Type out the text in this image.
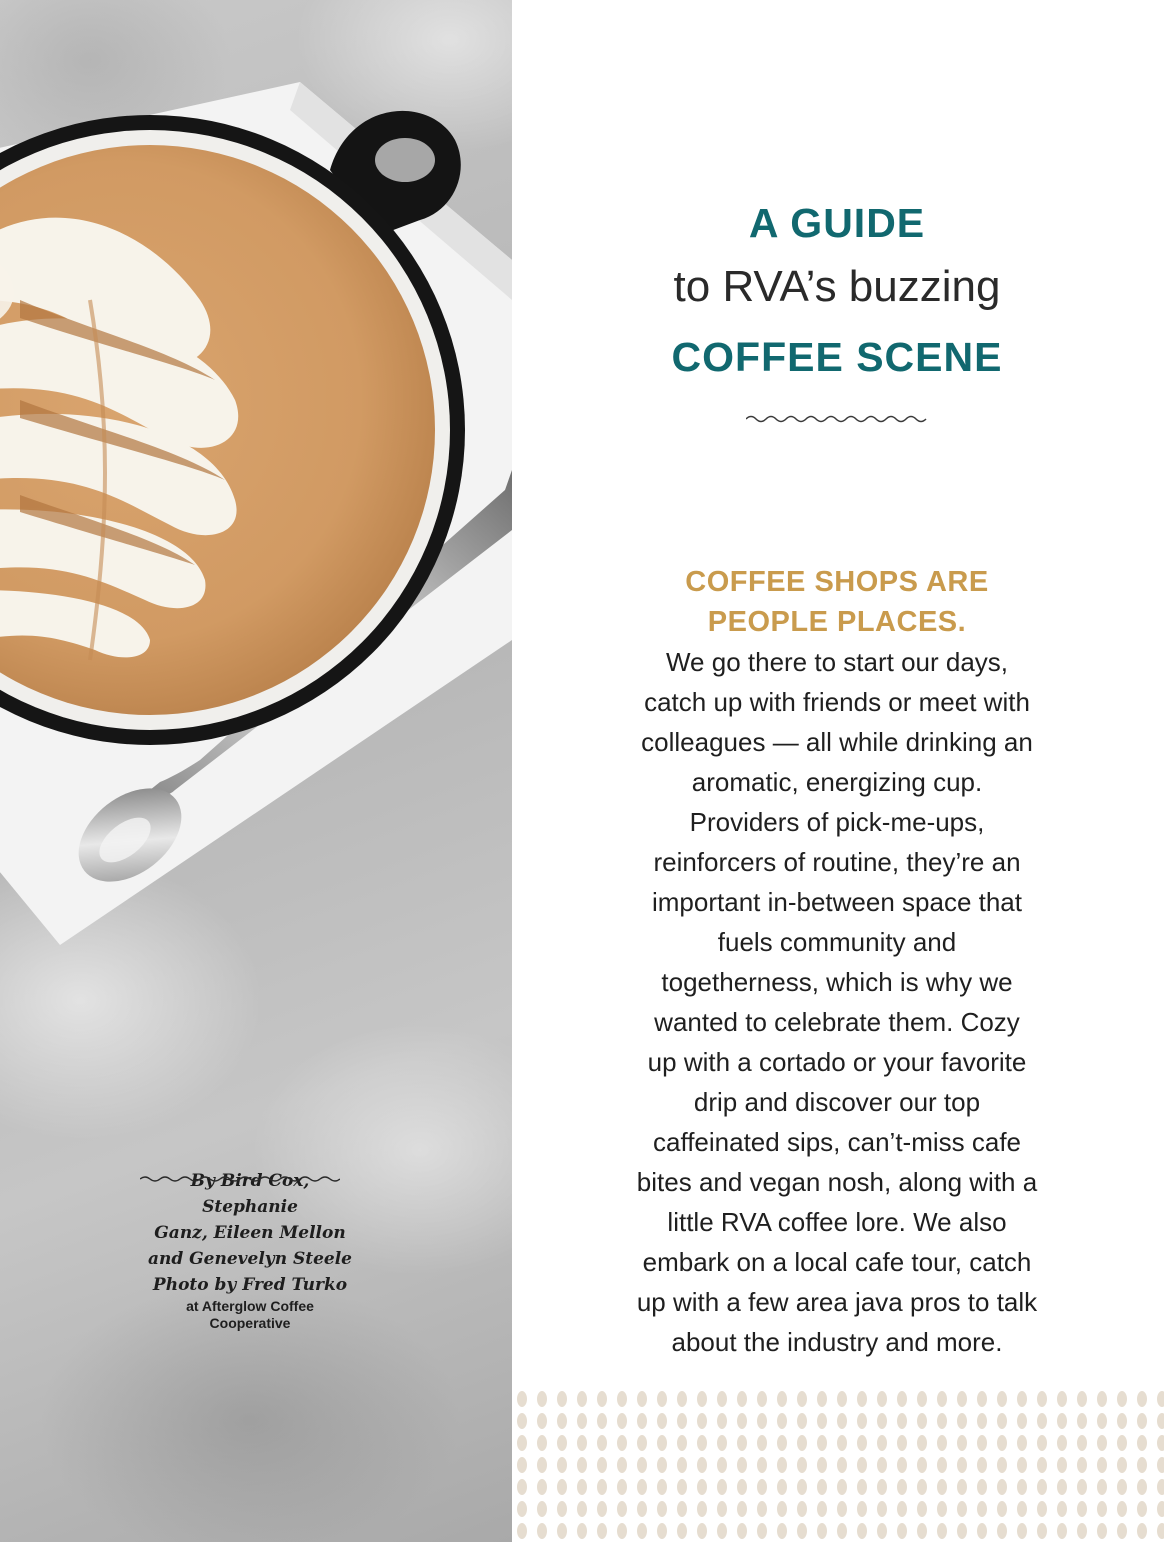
By Bird Cox, Stephanie
Ganz, Eileen Mellon
and Genevelyn Steele
Photo by Fred Turko
at Afterglow Coffee
Cooperative
A GUIDE
to RVA’s buzzing
COFFEE SCENE
COFFEE SHOPS ARE
PEOPLE PLACES.
We go there to start our days,
catch up with friends or meet with
colleagues — all while drinking an
aromatic, energizing cup.
Providers of pick-me-ups,
reinforcers of routine, they’re an
important in-between space that
fuels community and
togetherness, which is why we
wanted to celebrate them. Cozy
up with a cortado or your favorite
drip and discover our top
caffeinated sips, can’t-miss cafe
bites and vegan nosh, along with a
little RVA coffee lore. We also
embark on a local cafe tour, catch
up with a few area java pros to talk
about the industry and more.
